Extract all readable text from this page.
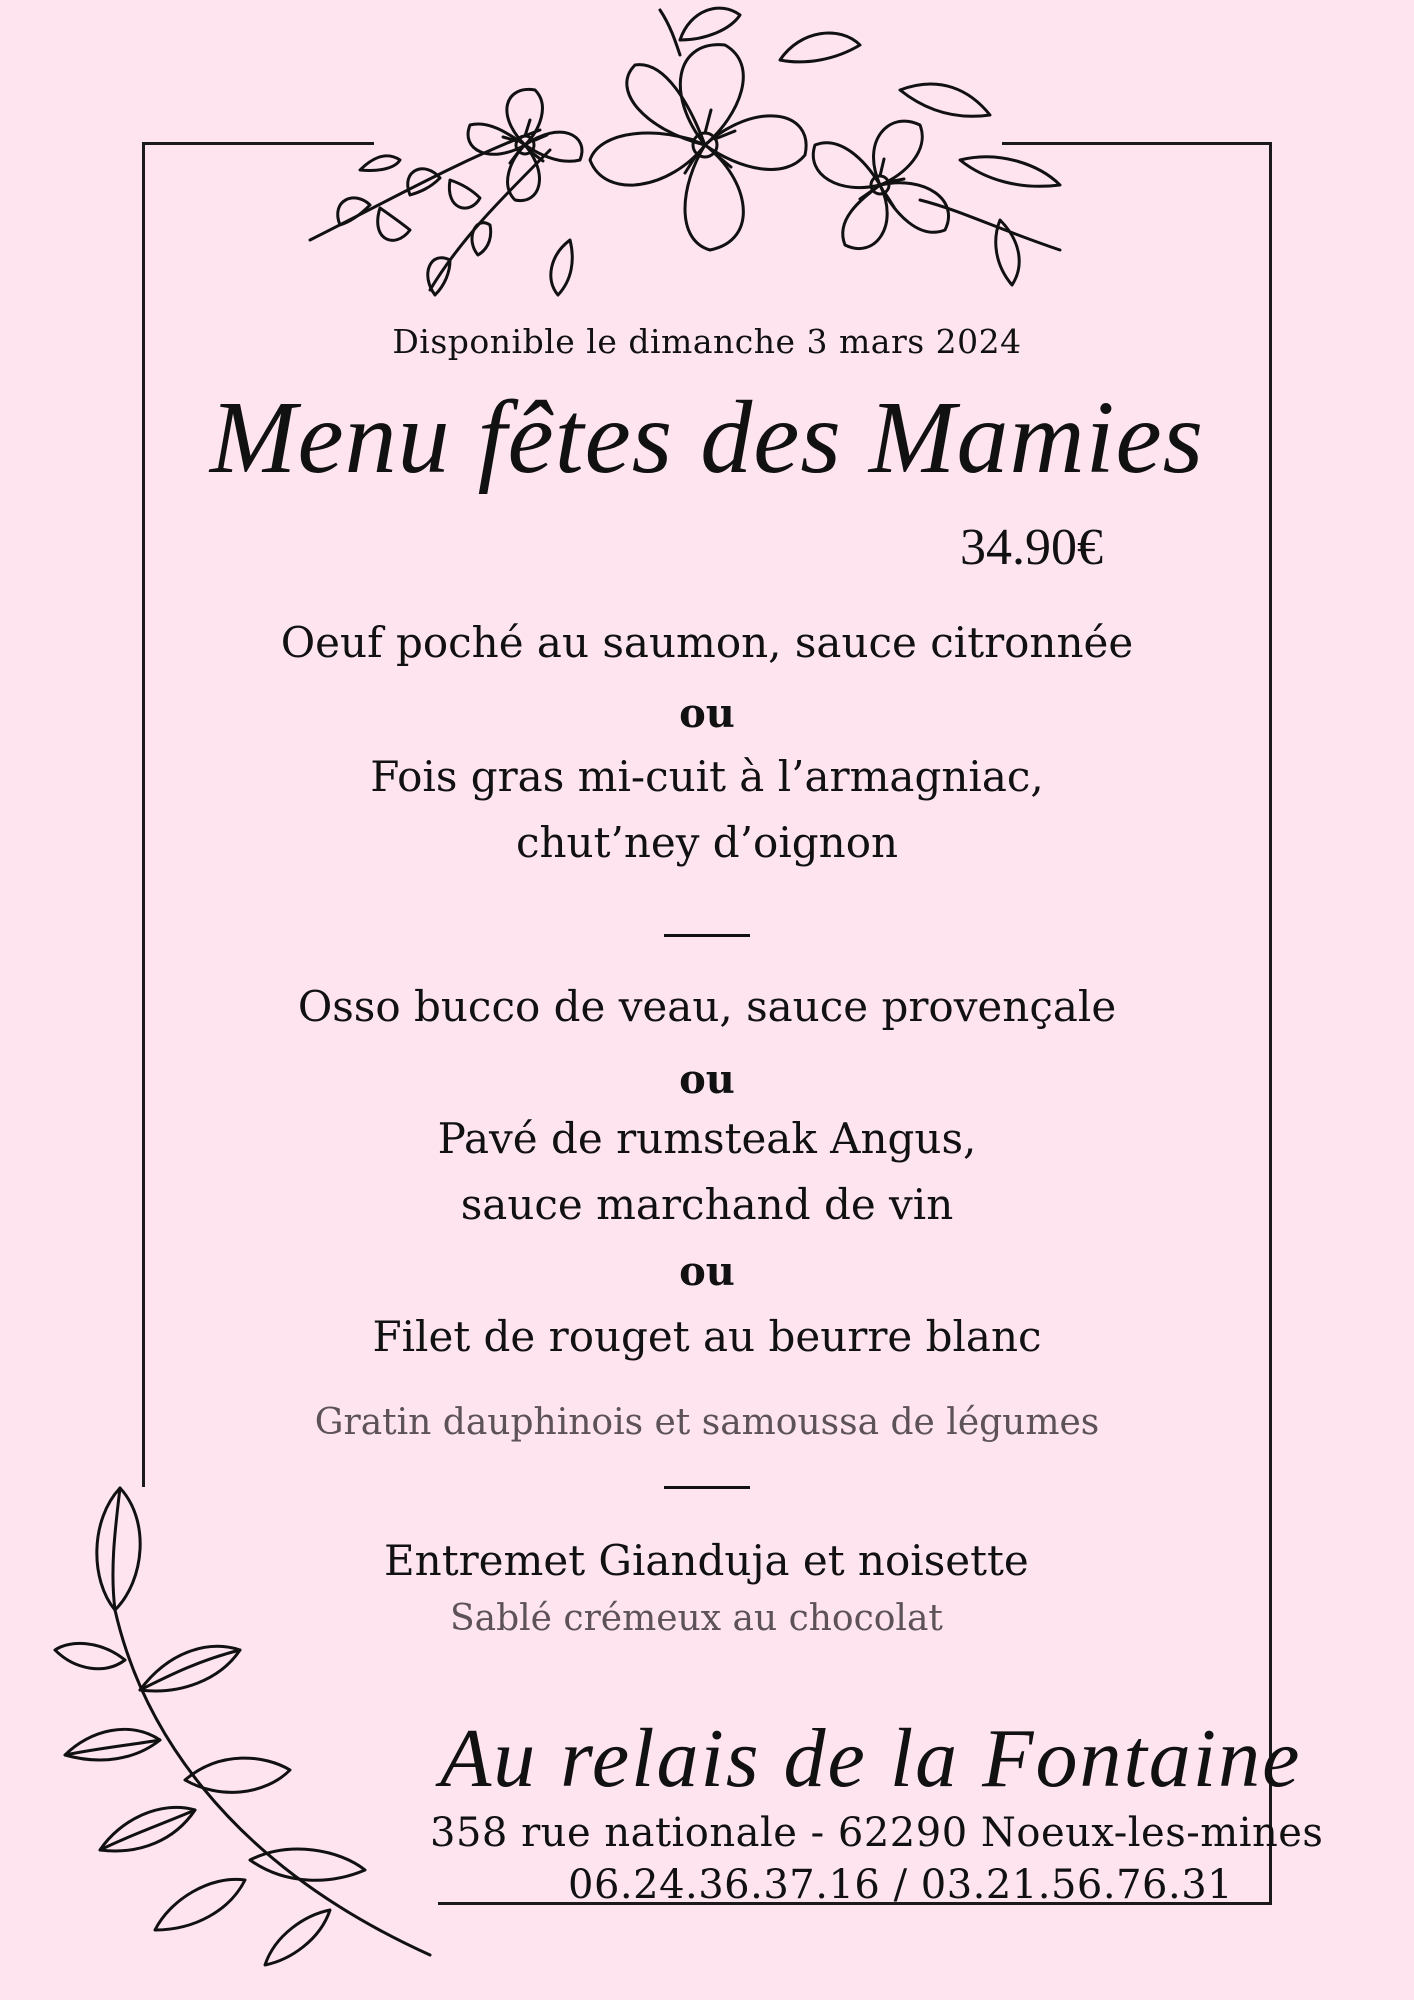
Disponible le dimanche 3 mars 2024
Menu fêtes des Mamies
34.90€
Oeuf poché au saumon, sauce citronnée
ou
Fois gras mi-cuit à l’armagniac,
chut’ney d’oignon
Osso bucco de veau, sauce provençale
ou
Pavé de rumsteak Angus,
sauce marchand de vin
ou
Filet de rouget au beurre blanc
Gratin dauphinois et samoussa de légumes
Entremet Gianduja et noisette
Sablé crémeux au chocolat
Au relais de la Fontaine
358 rue nationale - 62290 Noeux-les-mines
06.24.36.37.16 / 03.21.56.76.31
